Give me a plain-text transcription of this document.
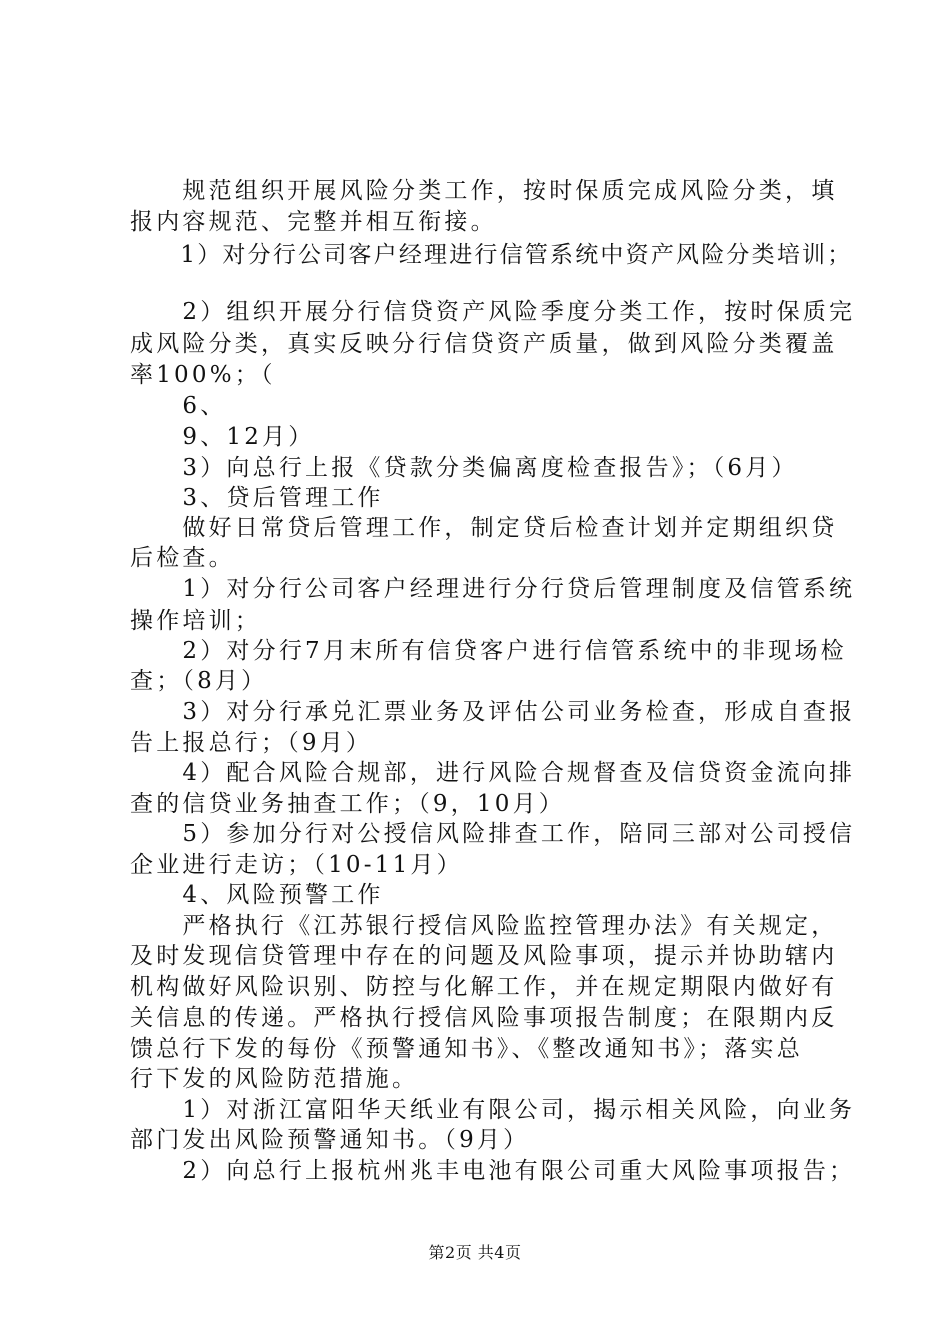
　　规范组织开展风险分类工作，按时保质完成风险分类，填
报内容规范、完整并相互衔接。
　　1）对分行公司客户经理进行信管系统中资产风险分类培训；
　　2）组织开展分行信贷资产风险季度分类工作，按时保质完
成风险分类，真实反映分行信贷资产质量，做到风险分类覆盖
率100%；（
　　6、
　　9、12月）
　　3）向总行上报《贷款分类偏离度检查报告》；（6月）
　　3、贷后管理工作
　　做好日常贷后管理工作，制定贷后检查计划并定期组织贷
后检查。
　　1）对分行公司客户经理进行分行贷后管理制度及信管系统
操作培训；
　　2）对分行7月末所有信贷客户进行信管系统中的非现场检
查；（8月）
　　3）对分行承兑汇票业务及评估公司业务检查，形成自查报
告上报总行；（9月）
　　4）配合风险合规部，进行风险合规督查及信贷资金流向排
查的信贷业务抽查工作；（9，10月）
　　5）参加分行对公授信风险排查工作，陪同三部对公司授信
企业进行走访；（10-11月）
　　4、风险预警工作
　　严格执行《江苏银行授信风险监控管理办法》有关规定，
及时发现信贷管理中存在的问题及风险事项，提示并协助辖内
机构做好风险识别、防控与化解工作，并在规定期限内做好有
关信息的传递。严格执行授信风险事项报告制度；在限期内反
馈总行下发的每份《预警通知书》、《整改通知书》；落实总
行下发的风险防范措施。
　　1）对浙江富阳华天纸业有限公司，揭示相关风险，向业务
部门发出风险预警通知书。（9月）
　　2）向总行上报杭州兆丰电池有限公司重大风险事项报告；
第2页 共4页
